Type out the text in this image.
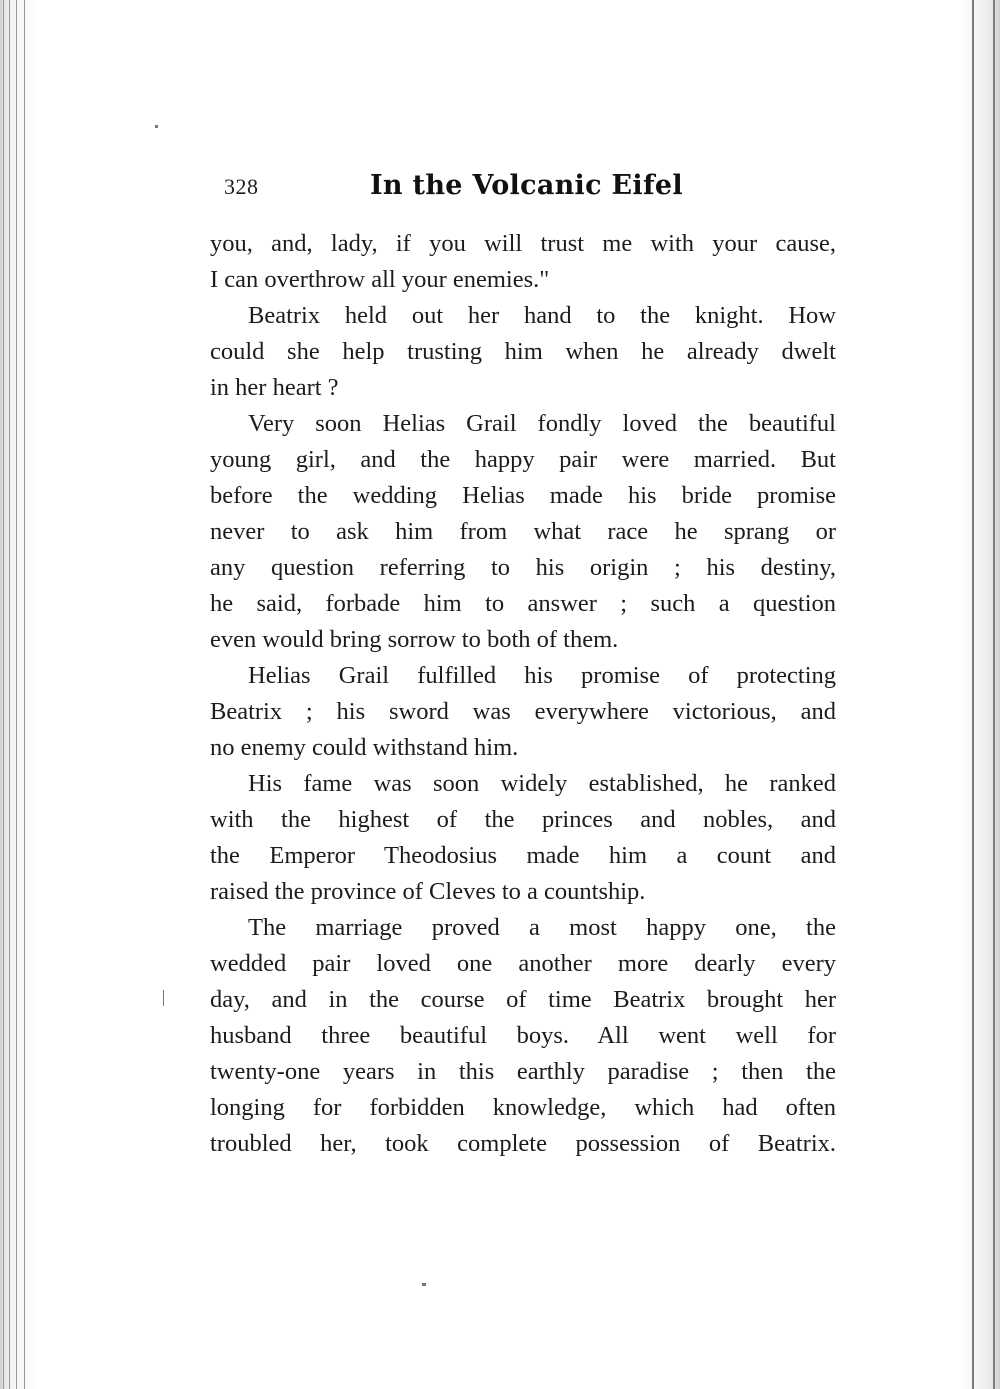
328	In the Volcanic Eifel
you, and, lady, if you will trust me with your cause,
I can overthrow all your enemies."
Beatrix held out her hand to the knight. How
could she help trusting him when he already dwelt
in her heart ?
Very soon Helias Grail fondly loved the beautiful
young girl, and the happy pair were married. But
before the wedding Helias made his bride promise
never to ask him from what race he sprang or
any question referring to his origin ; his destiny,
he said, forbade him to answer ; such a question
even would bring sorrow to both of them.
Helias Grail fulfilled his promise of protecting
Beatrix ; his sword was everywhere victorious, and
no enemy could withstand him.
His fame was soon widely established, he ranked
with the highest of the princes and nobles, and
the Emperor Theodosius made him a count and
raised the province of Cleves to a countship.
The marriage proved a most happy one, the
wedded pair loved one another more dearly every
day, and in the course of time Beatrix brought her
husband three beautiful boys. All went well for
twenty-one years in this earthly paradise ; then the
longing for forbidden knowledge, which had often
troubled her, took complete possession of Beatrix.
